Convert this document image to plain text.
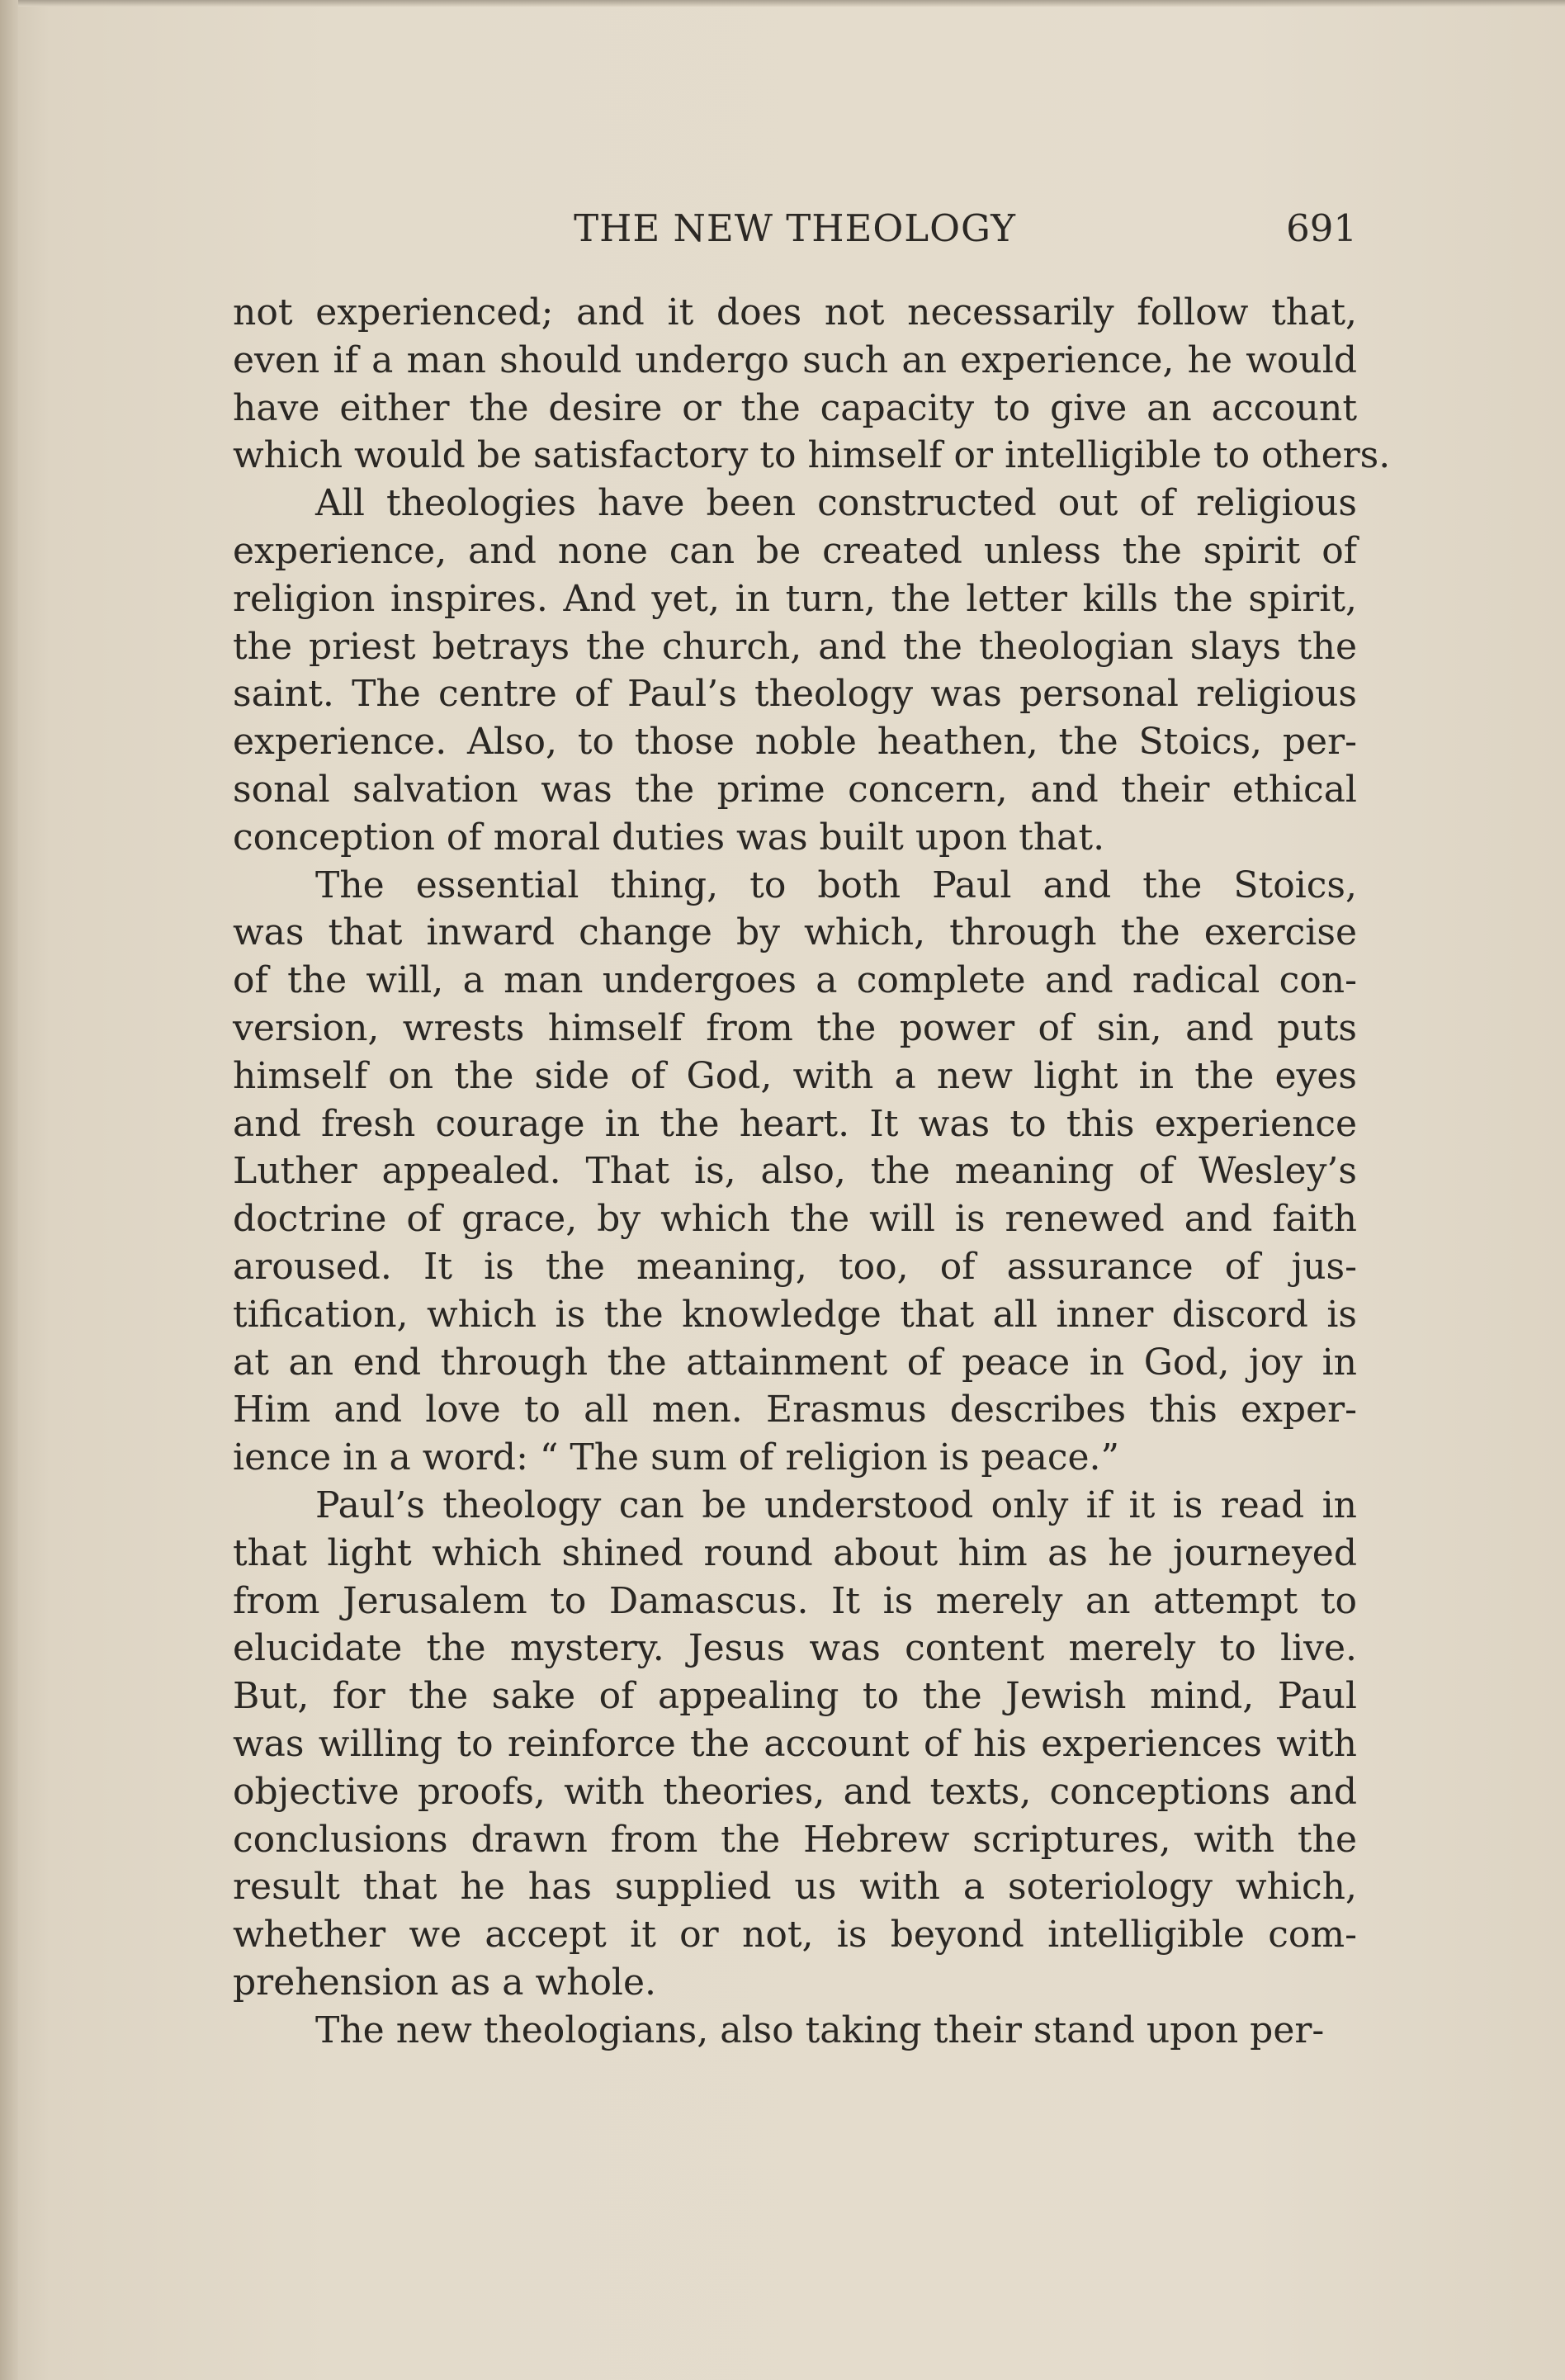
THE NEW THEOLOGY	691
not experienced; and it does not necessarily follow that,
even if a man should undergo such an experience, he would
have either the desire or the capacity to give an account
which would be satisfactory to himself or intelligible to others.
All theologies have been constructed out of religious
experience, and none can be created unless the spirit of
religion inspires. And yet, in turn, the letter kills the spirit,
the priest betrays the church, and the theologian slays the
saint. The centre of Paul’s theology was personal religious
experience. Also, to those noble heathen, the Stoics, per-
sonal salvation was the prime concern, and their ethical
conception of moral duties was built upon that.
The essential thing, to both Paul and the Stoics,
was that inward change by which, through the exercise
of the will, a man undergoes a complete and radical con-
version, wrests himself from the power of sin, and puts
himself on the side of God, with a new light in the eyes
and fresh courage in the heart. It was to this experience
Luther appealed. That is, also, the meaning of Wesley’s
doctrine of grace, by which the will is renewed and faith
aroused. It is the meaning, too, of assurance of jus-
tification, which is the knowledge that all inner discord is
at an end through the attainment of peace in God, joy in
Him and love to all men. Erasmus describes this exper-
ience in a word: “ The sum of religion is peace.”
Paul’s theology can be understood only if it is read in
that light which shined round about him as he journeyed
from Jerusalem to Damascus. It is merely an attempt to
elucidate the mystery. Jesus was content merely to live.
But, for the sake of appealing to the Jewish mind, Paul
was willing to reinforce the account of his experiences with
objective proofs, with theories, and texts, conceptions and
conclusions drawn from the Hebrew scriptures, with the
result that he has supplied us with a soteriology which,
whether we accept it or not, is beyond intelligible com-
prehension as a whole.
The new theologians, also taking their stand upon per-
